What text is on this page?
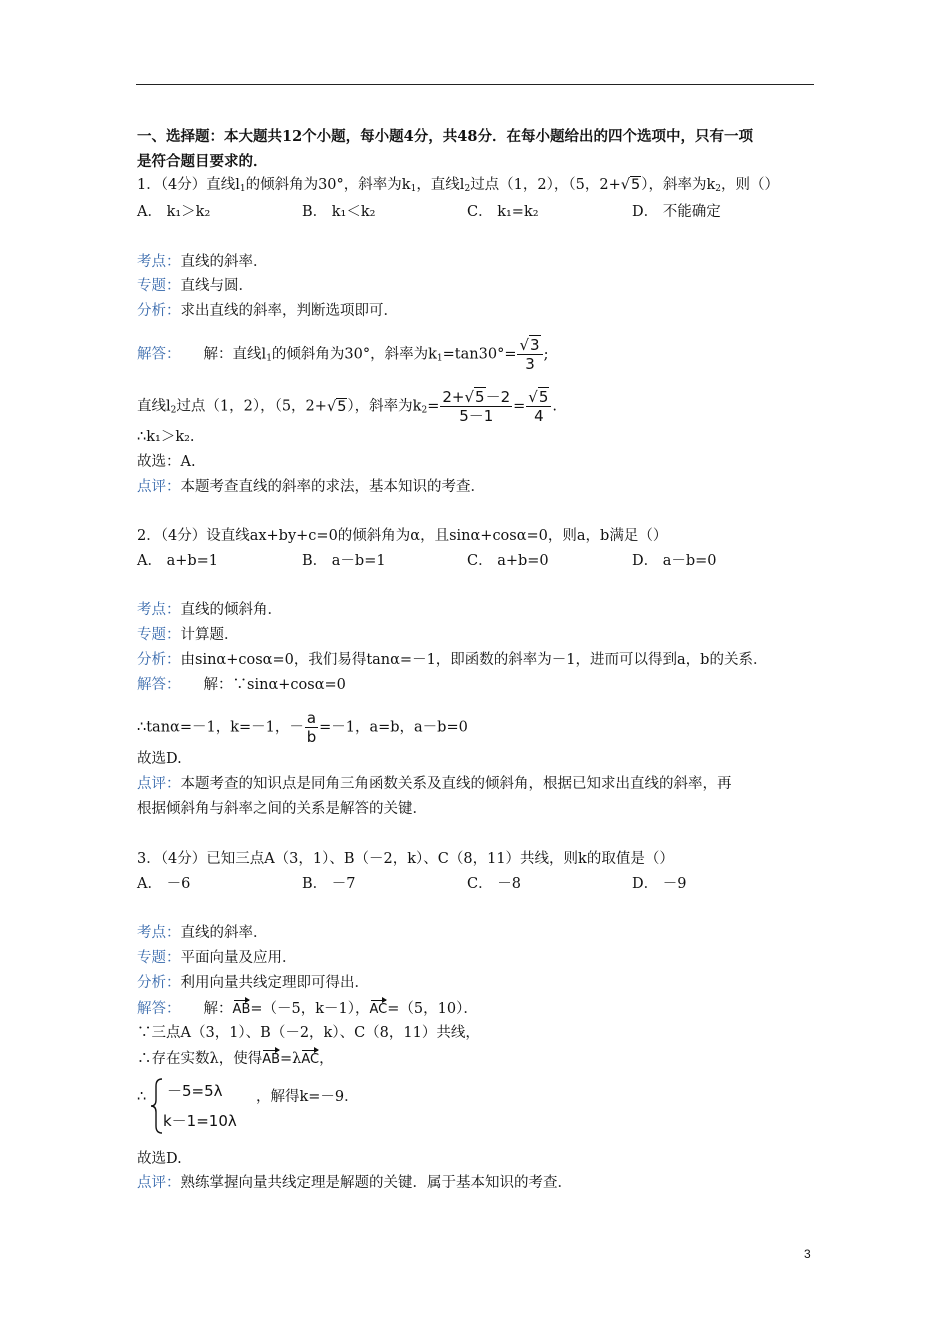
一、选择题：本大题共12个小题，每小题4分，共48分．在每小题给出的四个选项中，只有一项
是符合题目要求的．
1．（4分）直线$l_1$的倾斜角为30°，斜率为$k_1$，直线$l_2$过点（1，2），（5，2+√5），斜率为$k_2$，则（）
A． k₁＞k₂	B． k₁＜k₂	C． k₁=k₂	D． 不能确定
考点：直线的斜率．
专题：直线与圆．
分析：求出直线的斜率，判断选项即可．
解答： 解：直线$l_1$的倾斜角为30°，斜率为$k_1=\tan 30^\circ= \frac{√3}{3}$ ;
直线$l_2$过点（1，2），（5，2+√5），斜率为$k_2= \frac{2+√5-2}{5-1} = \frac{√5}{4}$ .
∴k₁＞k₂.
故选：A.
点评：本题考查直线的斜率的求法，基本知识的考查．
2．（4分）设直线ax+by+c=0的倾斜角为α，且sinα+cosα=0，则a，b满足（）
A． a+b=1	B． a－b=1	C． a+b=0	D． a－b=0
考点：直线的倾斜角．
专题：计算题．
分析：由sinα+cosα=0，我们易得tanα=－1，即函数的斜率为－1，进而可以得到a，b的关系．
解答： 解：∵sinα+cosα=0
∴tanα=－1，k=－1，－ $\frac{a}{b} =-1$，a=b，a－b=0
故选D.
点评：本题考查的知识点是同角三角函数关系及直线的倾斜角，根据已知求出直线的斜率，再
根据倾斜角与斜率之间的关系是解答的关键．
3．（4分）已知三点A（3，1）、B（－2，k）、C（8，11）共线，则k的取值是（）
A． －6	B． －7	C． －8	D． －9
考点：直线的斜率．
专题：平面向量及应用．
分析：利用向量共线定理即可得出．
解答： 解：AB=（－5，k－1），AC=（5，10）．
∵三点A（3，1）、B（－2，k）、C（8，11）共线，
∴存在实数λ，使得AB=λAC，
∴ －5=5λ
k－1=10λ
，解得k=－9．
故选D.
点评：熟练掌握向量共线定理是解题的关键．属于基本知识的考查．
3
